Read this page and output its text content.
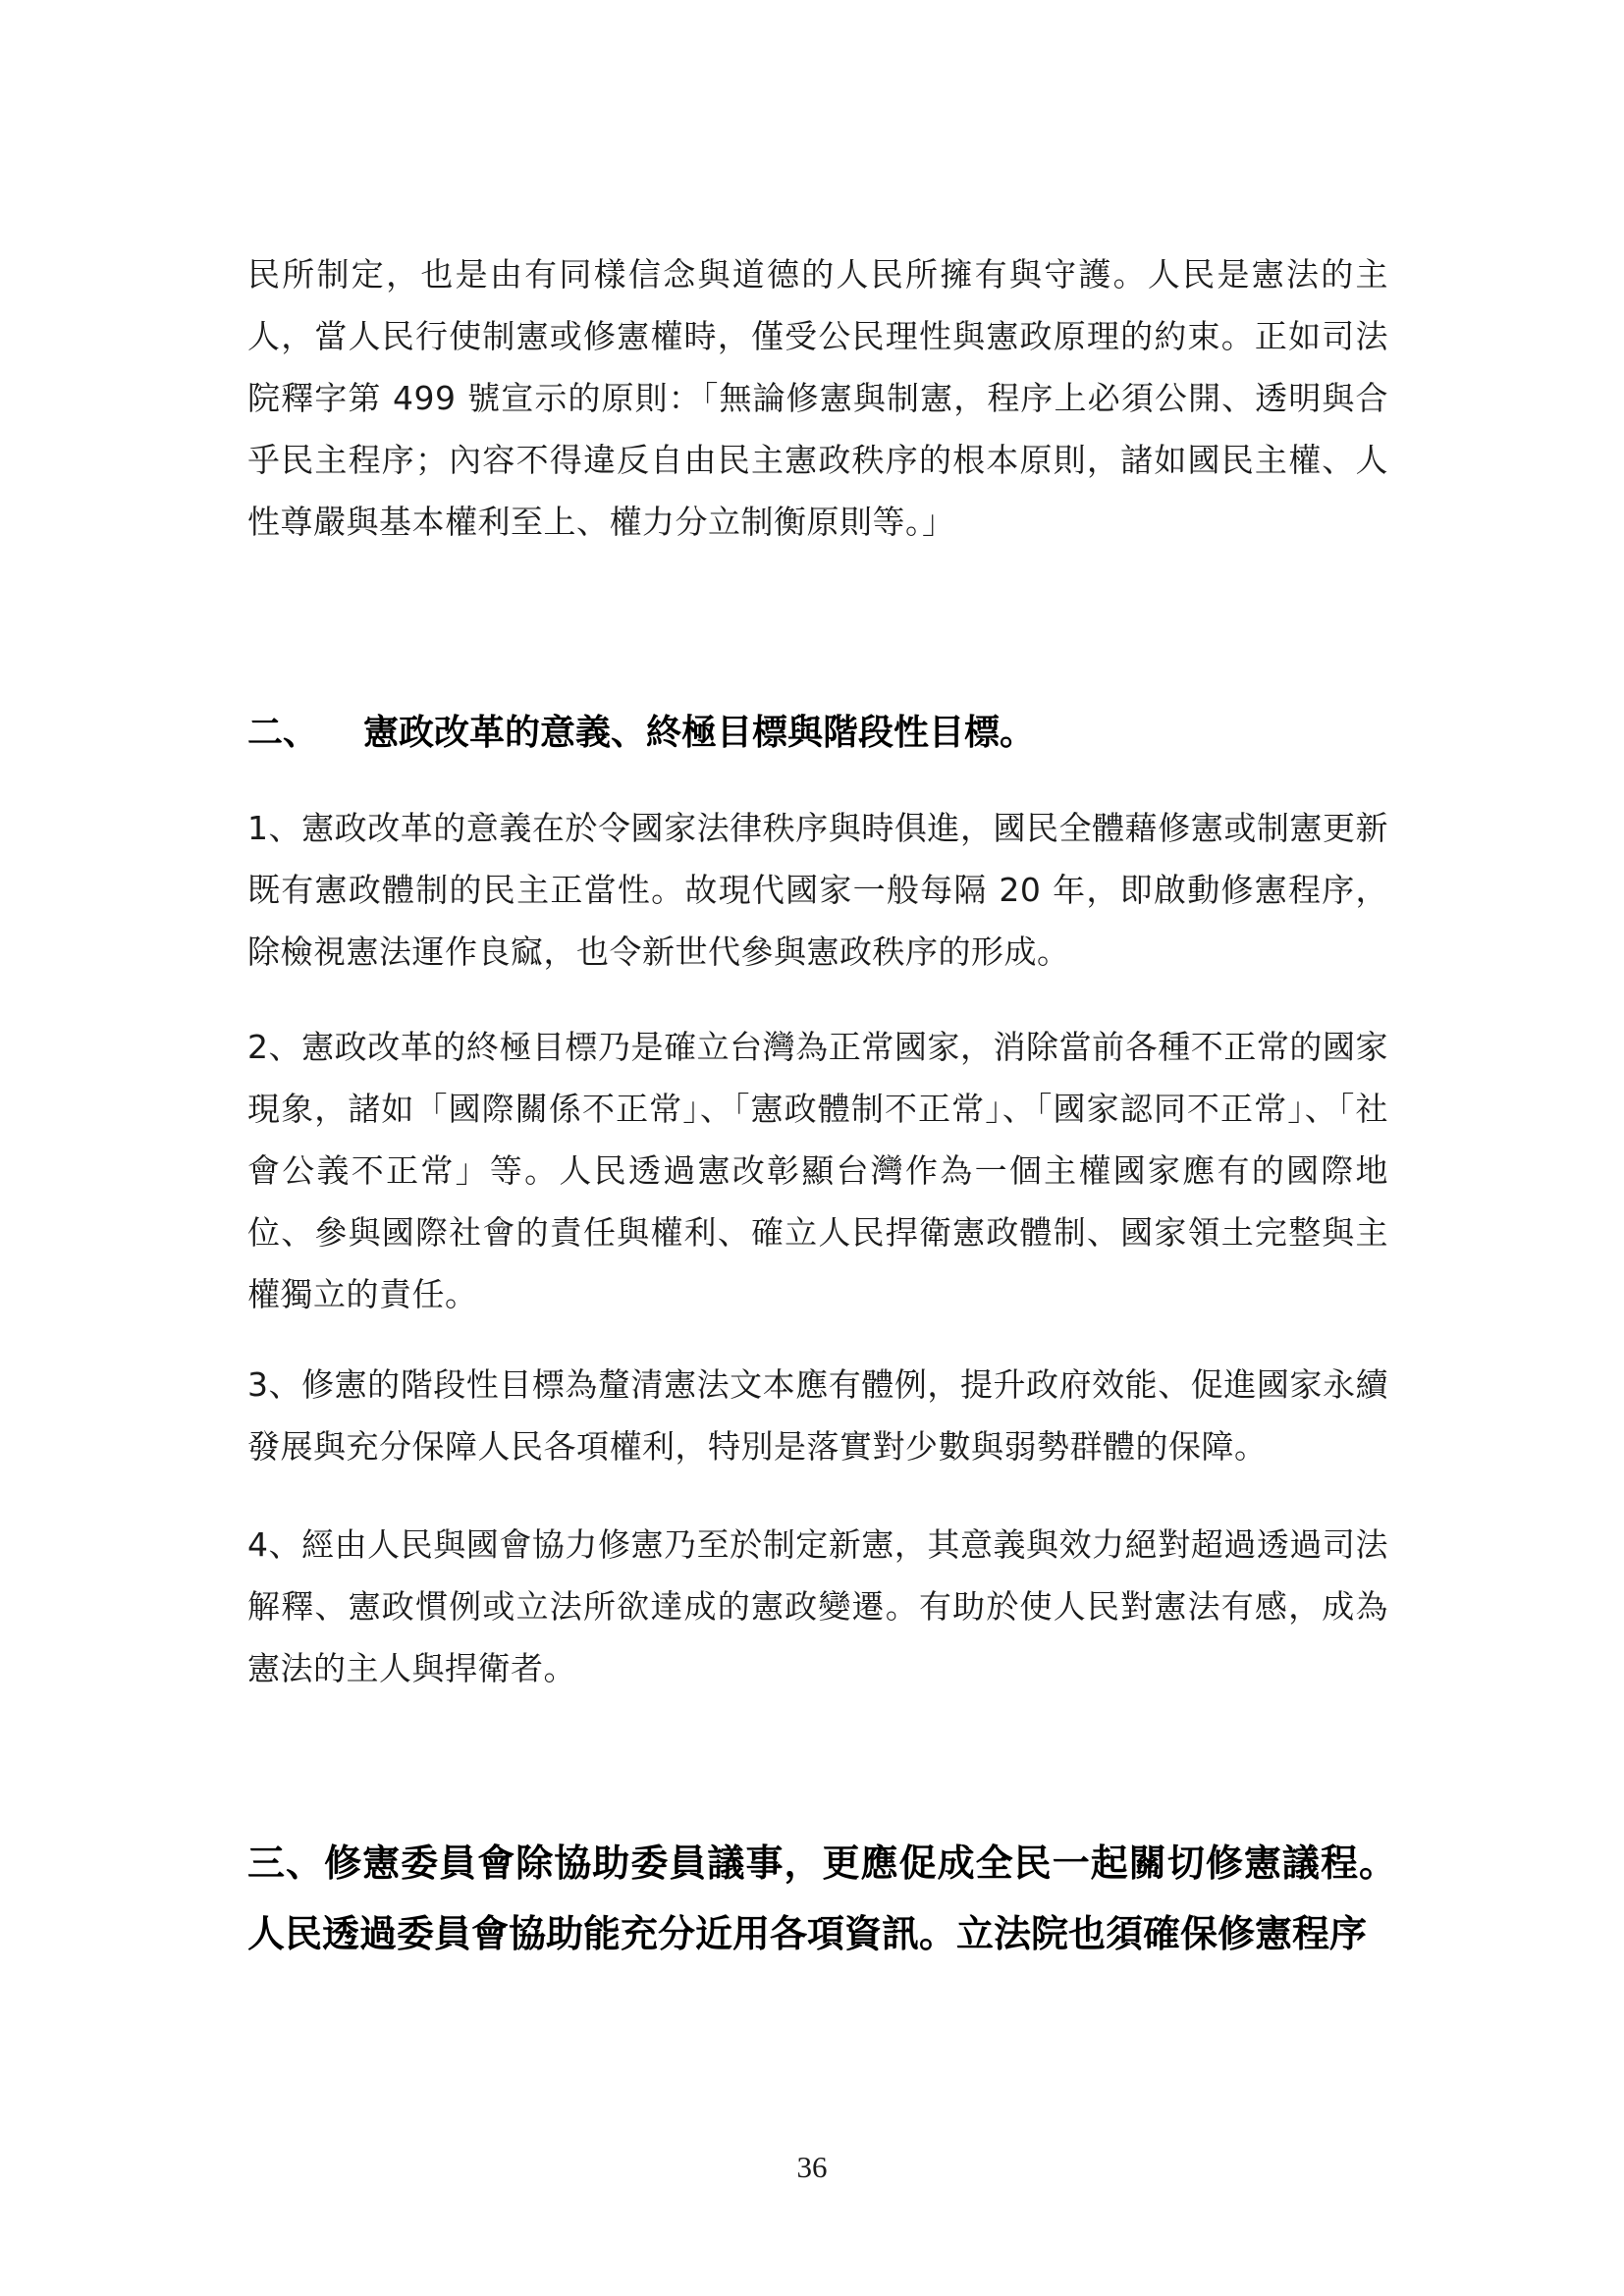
民所制定，也是由有同樣信念與道德的人民所擁有與守護。人民是憲法的主人，當人民行使制憲或修憲權時，僅受公民理性與憲政原理的約束。正如司法院釋字第 499 號宣示的原則：「無論修憲與制憲，程序上必須公開、透明與合乎民主程序；內容不得違反自由民主憲政秩序的根本原則，諸如國民主權、人性尊嚴與基本權利至上、權力分立制衡原則等。」

二、 憲政改革的意義、終極目標與階段性目標。

1、憲政改革的意義在於令國家法律秩序與時俱進，國民全體藉修憲或制憲更新既有憲政體制的民主正當性。故現代國家一般每隔 20 年，即啟動修憲程序，除檢視憲法運作良窳，也令新世代參與憲政秩序的形成。

2、憲政改革的終極目標乃是確立台灣為正常國家，消除當前各種不正常的國家現象，諸如「國際關係不正常」、「憲政體制不正常」、「國家認同不正常」、「社會公義不正常」等。人民透過憲改彰顯台灣作為一個主權國家應有的國際地位、參與國際社會的責任與權利、確立人民捍衛憲政體制、國家領土完整與主權獨立的責任。

3、修憲的階段性目標為釐清憲法文本應有體例，提升政府效能、促進國家永續發展與充分保障人民各項權利，特別是落實對少數與弱勢群體的保障。

4、經由人民與國會協力修憲乃至於制定新憲，其意義與效力絕對超過透過司法解釋、憲政慣例或立法所欲達成的憲政變遷。有助於使人民對憲法有感，成為憲法的主人與捍衛者。

三、修憲委員會除協助委員議事，更應促成全民一起關切修憲議程。人民透過委員會協助能充分近用各項資訊。立法院也須確保修憲程序
36
